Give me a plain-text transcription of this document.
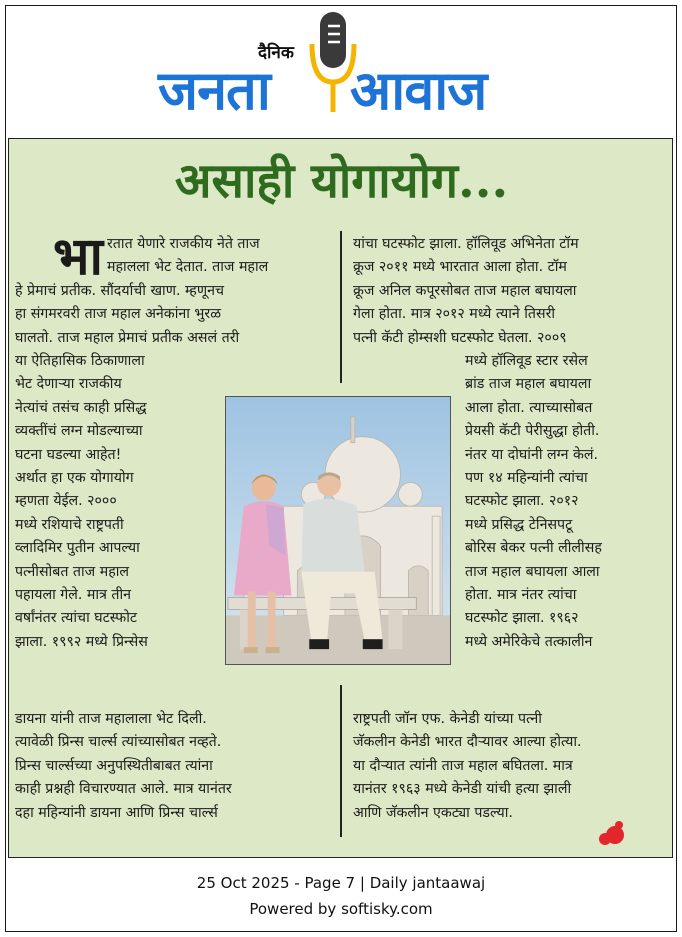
दैनिक
जनता आवाज
असाही योगायोग...
भा रतात येणारे राजकीय नेते ताज
महालला भेट देतात. ताज महाल
हे प्रेमाचं प्रतीक. सौंदर्याची खाण. म्हणूनच
हा संगमरवरी ताज महाल अनेकांना भुरळ
घालतो. ताज महाल प्रेमाचं प्रतीक असलं तरी
या ऐतिहासिक ठिकाणाला
भेट देणाऱ्या राजकीय
नेत्यांचं तसंच काही प्रसिद्ध
व्यक्तींचं लग्न मोडल्याच्या
घटना घडल्या आहेत!
अर्थात हा एक योगायोग
म्हणता येईल. २०००
मध्ये रशियाचे राष्ट्रपती
व्लादिमिर पुतीन आपल्या
पत्नीसोबत ताज महाल
पहायला गेले. मात्र तीन
वर्षांनंतर त्यांचा घटस्फोट
झाला. १९९२ मध्ये प्रिन्सेस
डायना यांनी ताज महालाला भेट दिली.
त्यावेळी प्रिन्स चार्ल्स त्यांच्यासोबत नव्हते.
प्रिन्स चार्ल्सच्या अनुपस्थितीबाबत त्यांना
काही प्रश्नही विचारण्यात आले. मात्र यानंतर
दहा महिन्यांनी डायना आणि प्रिन्स चार्ल्स
यांचा घटस्फोट झाला. हॉलिवूड अभिनेता टॉम
क्रूज २०११ मध्ये भारतात आला होता. टॉम
क्रूज अनिल कपूरसोबत ताज महाल बघायला
गेला होता. मात्र २०१२ मध्ये त्याने तिसरी
पत्नी कॅटी होम्सशी घटस्फोट घेतला. २००९
मध्ये हॉलिवूड स्टार रसेल
ब्रांड ताज महाल बघायला
आला होता. त्याच्यासोबत
प्रेयसी कॅटी पेरीसुद्धा होती.
नंतर या दोघांनी लग्न केलं.
पण १४ महिन्यांनी त्यांचा
घटस्फोट झाला. २०१२
मध्ये प्रसिद्ध टेनिसपटू
बोरिस बेकर पत्नी लीलीसह
ताज महाल बघायला आला
होता. मात्र नंतर त्यांचा
घटस्फोट झाला. १९६२
मध्ये अमेरिकेचे तत्कालीन
राष्ट्रपती जॉन एफ. केनेडी यांच्या पत्नी
जॅकलीन केनेडी भारत दौऱ्यावर आल्या होत्या.
या दौऱ्यात त्यांनी ताज महाल बघितला. मात्र
यानंतर १९६३ मध्ये केनेडी यांची हत्या झाली
आणि जॅकलीन एकट्या पडल्या.
25 Oct 2025 - Page 7 | Daily jantaawaj
Powered by softisky.com
